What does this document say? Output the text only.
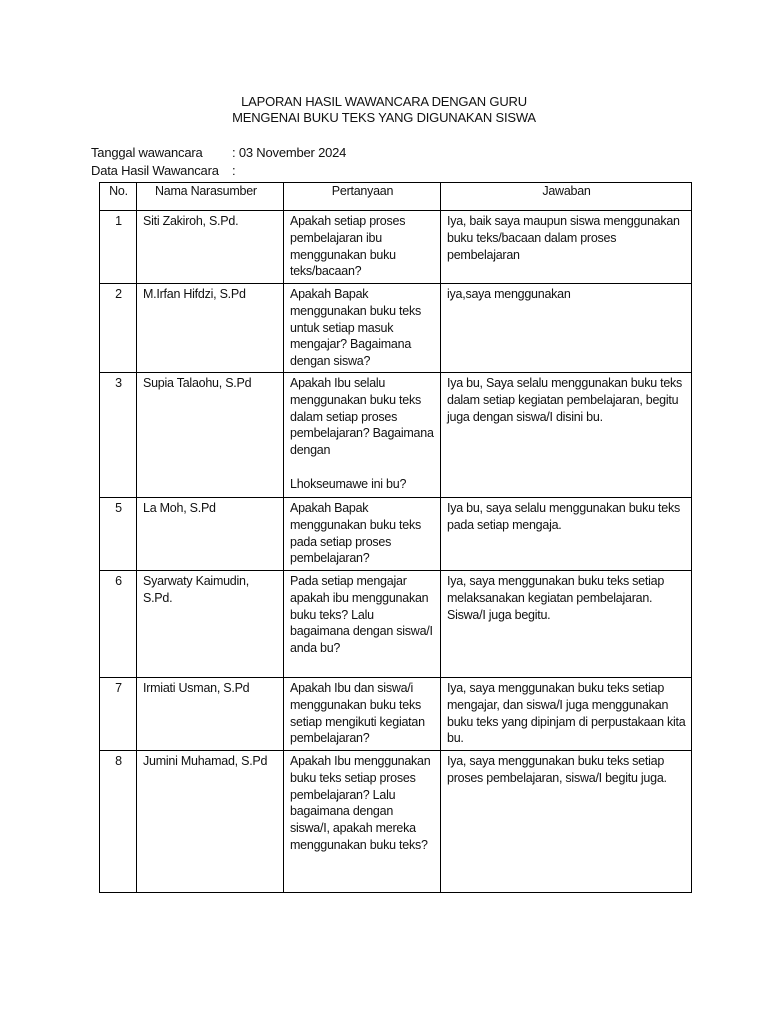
LAPORAN HASIL WAWANCARA DENGAN GURU
MENGENAI BUKU TEKS YANG DIGUNAKAN SISWA
Tanggal wawancara : 03 November 2024
Data Hasil Wawancara :
No.	Nama Narasumber	Pertanyaan	Jawaban
1	Siti Zakiroh, S.Pd.	Apakah setiap proses pembelajaran ibu menggunakan buku teks/bacaan?	Iya, baik saya maupun siswa menggunakan buku teks/bacaan dalam proses pembelajaran
2	M.Irfan Hifdzi, S.Pd	Apakah Bapak menggunakan buku teks untuk setiap masuk mengajar? Bagaimana dengan siswa?	iya,saya menggunakan
3	Supia Talaohu, S.Pd	Apakah Ibu selalu menggunakan buku teks dalam setiap proses pembelajaran? Bagaimana dengan
Lhokseumawe ini bu?	Iya bu, Saya selalu menggunakan buku teks dalam setiap kegiatan pembelajaran, begitu juga dengan siswa/I disini bu.
5	La Moh, S.Pd	Apakah Bapak menggunakan buku teks pada setiap proses pembelajaran?	Iya bu, saya selalu menggunakan buku teks pada setiap mengaja.
6	Syarwaty Kaimudin, S.Pd.	Pada setiap mengajar apakah ibu menggunakan buku teks? Lalu bagaimana dengan siswa/I anda bu?	Iya, saya menggunakan buku teks setiap melaksanakan kegiatan pembelajaran. Siswa/I juga begitu.
7	Irmiati Usman, S.Pd	Apakah Ibu dan siswa/i menggunakan buku teks setiap mengikuti kegiatan pembelajaran?	Iya, saya menggunakan buku teks setiap mengajar, dan siswa/I juga menggunakan buku teks yang dipinjam di perpustakaan kita bu.
8	Jumini Muhamad, S.Pd	Apakah Ibu menggunakan buku teks setiap proses pembelajaran? Lalu bagaimana dengan siswa/I, apakah mereka menggunakan buku teks?	Iya, saya menggunakan buku teks setiap proses pembelajaran, siswa/I begitu juga.
